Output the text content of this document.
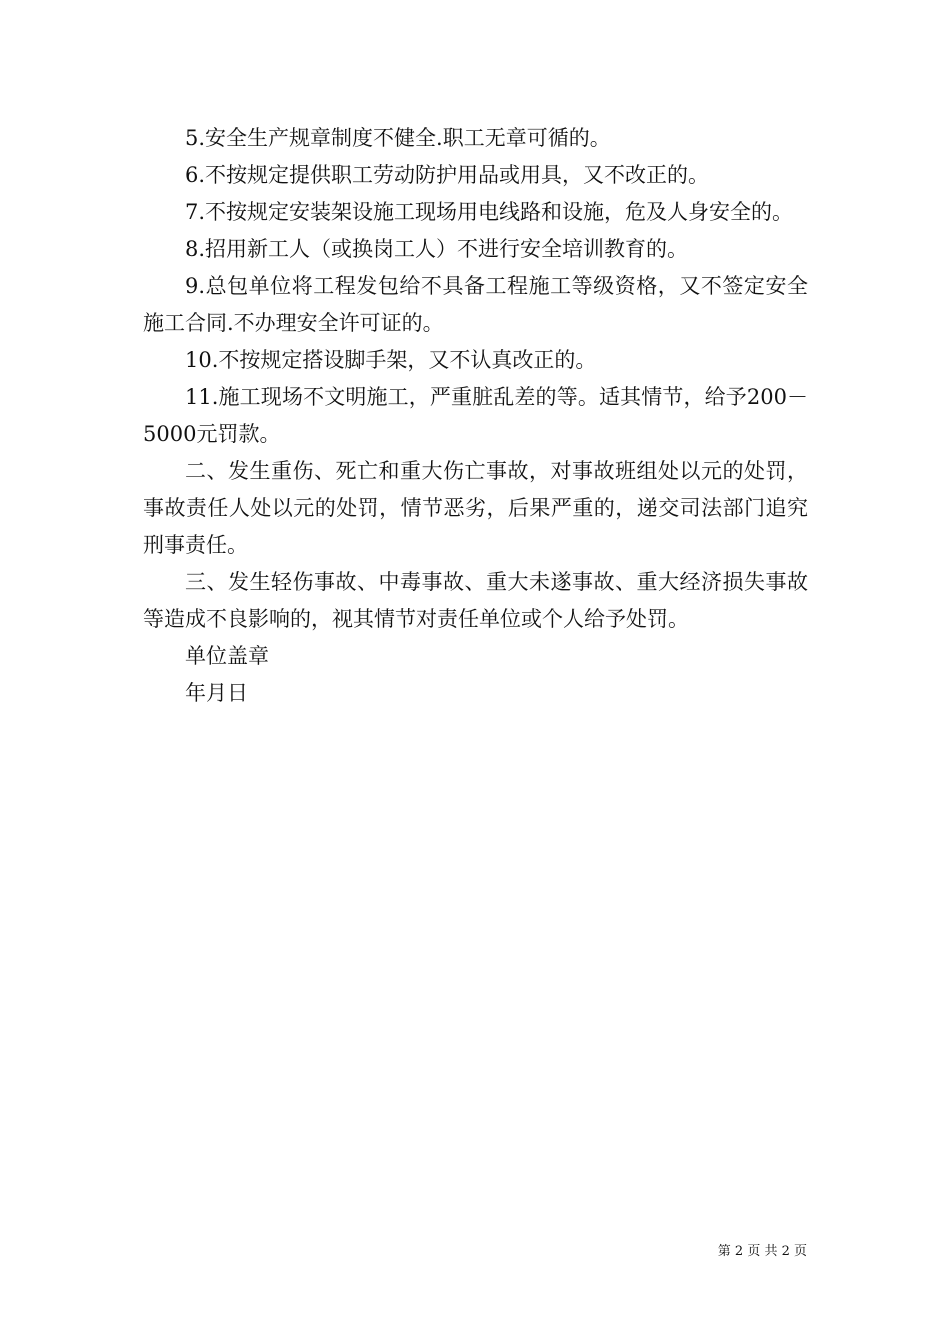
5.安全生产规章制度不健全.职工无章可循的。

6.不按规定提供职工劳动防护用品或用具，又不改正的。

7.不按规定安装架设施工现场用电线路和设施，危及人身安全的。

8.招用新工人（或换岗工人）不进行安全培训教育的。

9.总包单位将工程发包给不具备工程施工等级资格，又不签定安全施工合同.不办理安全许可证的。

10.不按规定搭设脚手架，又不认真改正的。

11.施工现场不文明施工，严重脏乱差的等。适其情节，给予200－5000元罚款。

二、发生重伤、死亡和重大伤亡事故，对事故班组处以元的处罚，事故责任人处以元的处罚，情节恶劣，后果严重的，递交司法部门追究刑事责任。

三、发生轻伤事故、中毒事故、重大未遂事故、重大经济损失事故等造成不良影响的，视其情节对责任单位或个人给予处罚。

单位盖章

年月日

第 2 页 共 2 页
